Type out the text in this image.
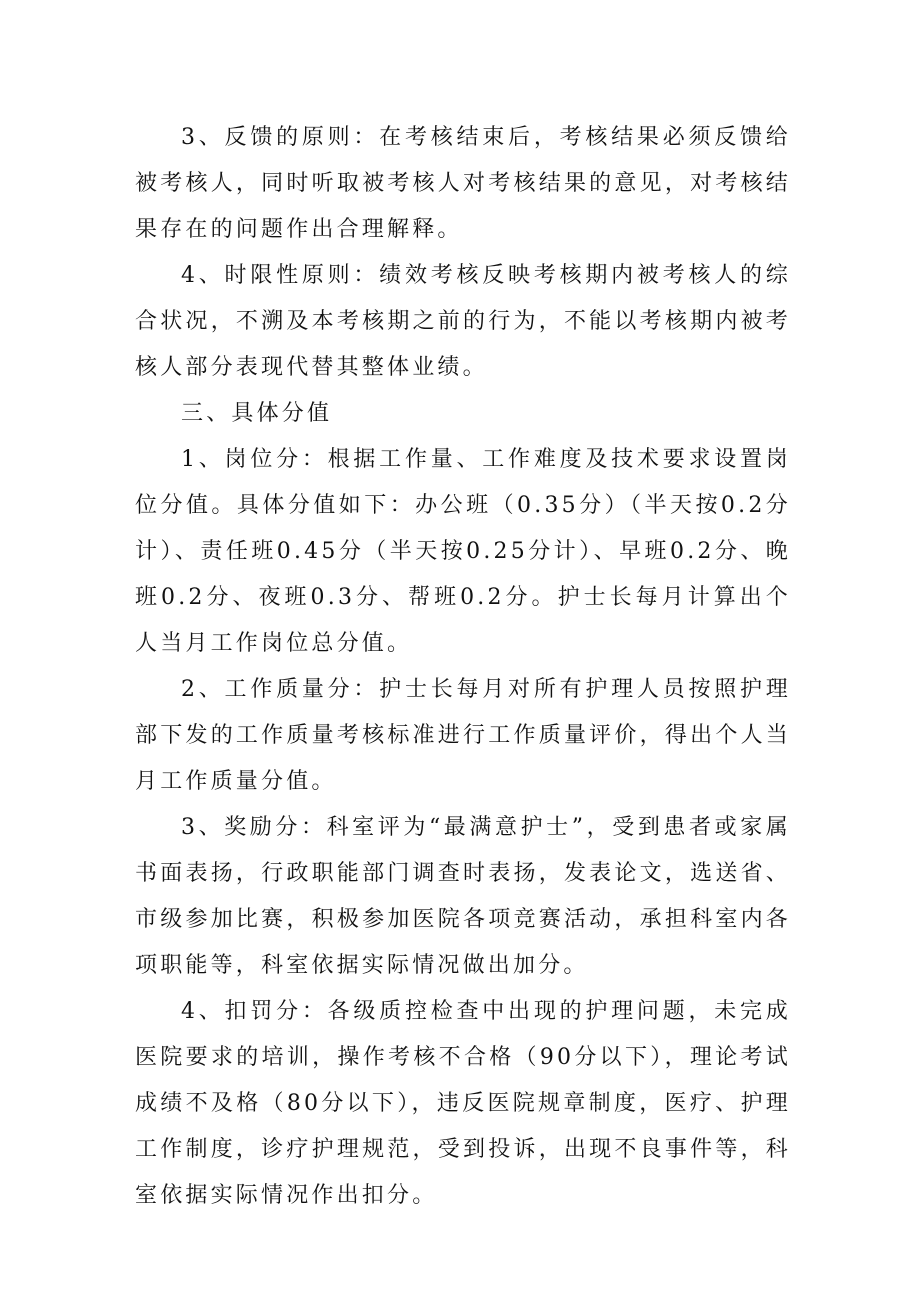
3、反馈的原则：在考核结束后，考核结果必须反馈给被考核人，同时听取被考核人对考核结果的意见，对考核结果存在的问题作出合理解释。

4、时限性原则：绩效考核反映考核期内被考核人的综合状况，不溯及本考核期之前的行为，不能以考核期内被考核人部分表现代替其整体业绩。

三、具体分值

1、岗位分：根据工作量、工作难度及技术要求设置岗位分值。具体分值如下：办公班（0.35分）（半天按0.2分计）、责任班0.45分（半天按0.25分计）、早班0.2分、晚班0.2分、夜班0.3分、帮班0.2分。护士长每月计算出个人当月工作岗位总分值。

2、工作质量分：护士长每月对所有护理人员按照护理部下发的工作质量考核标准进行工作质量评价，得出个人当月工作质量分值。

3、奖励分：科室评为“最满意护士”，受到患者或家属书面表扬，行政职能部门调查时表扬，发表论文，选送省、市级参加比赛，积极参加医院各项竞赛活动，承担科室内各项职能等，科室依据实际情况做出加分。

4、扣罚分：各级质控检查中出现的护理问题，未完成医院要求的培训，操作考核不合格（90分以下），理论考试成绩不及格（80分以下），违反医院规章制度，医疗、护理工作制度，诊疗护理规范，受到投诉，出现不良事件等，科室依据实际情况作出扣分。
